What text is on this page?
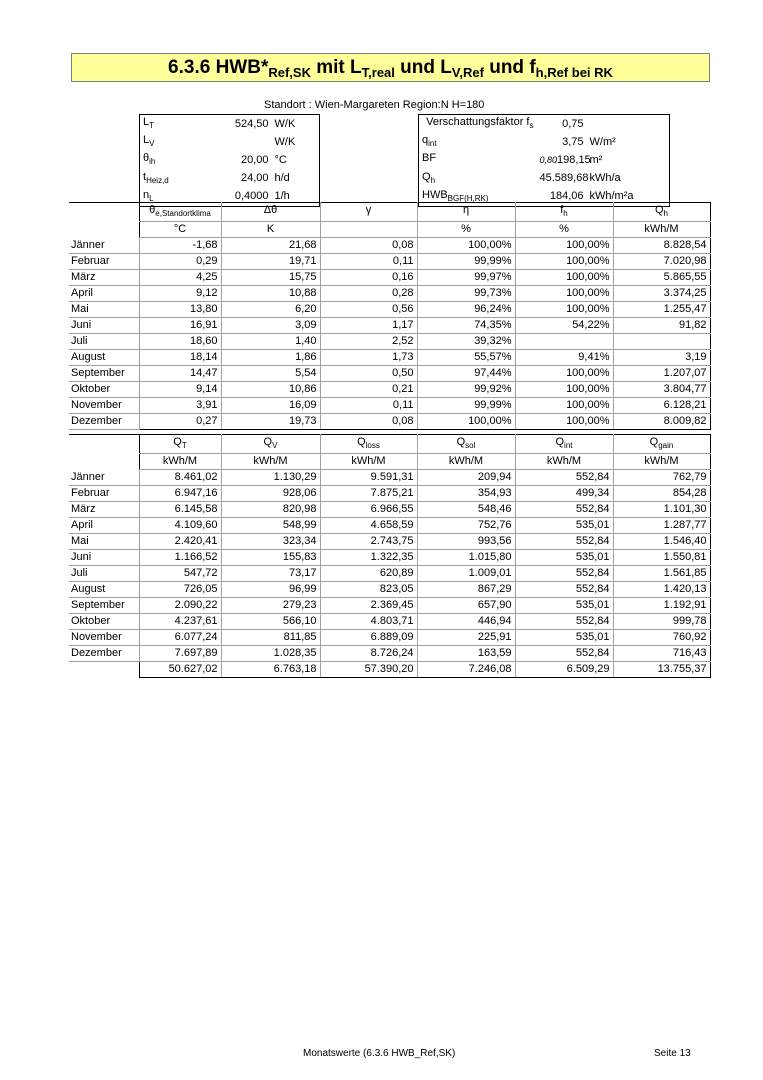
6.3.6 $HWB*_{Ref,SK}$ mit $L_{T,real}$ und $L_{V,Ref}$ und $f_{h,Ref bei RK}$
Standort : Wien-Margareten Region:N H=180
$L_T$	524,50	W/K
$L_V$		W/K
$\theta_{ih}$	20,00	°C
$t_{Heiz,d}$	24,00	h/d
$n_L$	0,4000	1/h
Verschattungsfaktor $f_s$	0,75	
$q_{int}$	3,75	W/m²
BF	0,80 198,15	m²
$Q_h$	45.589,68	kWh/a
$HWB_{BGF(H,RK)}$	184,06	kWh/m²a
	$\theta_{e,Standortklima}$	Δθ	γ	η	$f_h$	$Q_h$
	°C	K		%	%	kWh/M
Jänner	-1,68	21,68	0,08	100,00%	100,00%	8.828,54
Februar	0,29	19,71	0,11	99,99%	100,00%	7.020,98
März	4,25	15,75	0,16	99,97%	100,00%	5.865,55
April	9,12	10,88	0,28	99,73%	100,00%	3.374,25
Mai	13,80	6,20	0,56	96,24%	100,00%	1.255,47
Juni	16,91	3,09	1,17	74,35%	54,22%	91,82
Juli	18,60	1,40	2,52	39,32%		
August	18,14	1,86	1,73	55,57%	9,41%	3,19
September	14,47	5,54	0,50	97,44%	100,00%	1.207,07
Oktober	9,14	10,86	0,21	99,92%	100,00%	3.804,77
November	3,91	16,09	0,11	99,99%	100,00%	6.128,21
Dezember	0,27	19,73	0,08	100,00%	100,00%	8.009,82
	$Q_T$	$Q_V$	$Q_{loss}$	$Q_{sol}$	$Q_{int}$	$Q_{gain}$
	kWh/M	kWh/M	kWh/M	kWh/M	kWh/M	kWh/M
Jänner	8.461,02	1.130,29	9.591,31	209,94	552,84	762,79
Februar	6.947,16	928,06	7.875,21	354,93	499,34	854,28
März	6.145,58	820,98	6.966,55	548,46	552,84	1.101,30
April	4.109,60	548,99	4.658,59	752,76	535,01	1.287,77
Mai	2.420,41	323,34	2.743,75	993,56	552,84	1.546,40
Juni	1.166,52	155,83	1.322,35	1.015,80	535,01	1.550,81
Juli	547,72	73,17	620,89	1.009,01	552,84	1.561,85
August	726,05	96,99	823,05	867,29	552,84	1.420,13
September	2.090,22	279,23	2.369,45	657,90	535,01	1.192,91
Oktober	4.237,61	566,10	4.803,71	446,94	552,84	999,78
November	6.077,24	811,85	6.889,09	225,91	535,01	760,92
Dezember	7.697,89	1.028,35	8.726,24	163,59	552,84	716,43
	50.627,02	6.763,18	57.390,20	7.246,08	6.509,29	13.755,37
Monatswerte (6.3.6 HWB_Ref,SK)	Seite 13
